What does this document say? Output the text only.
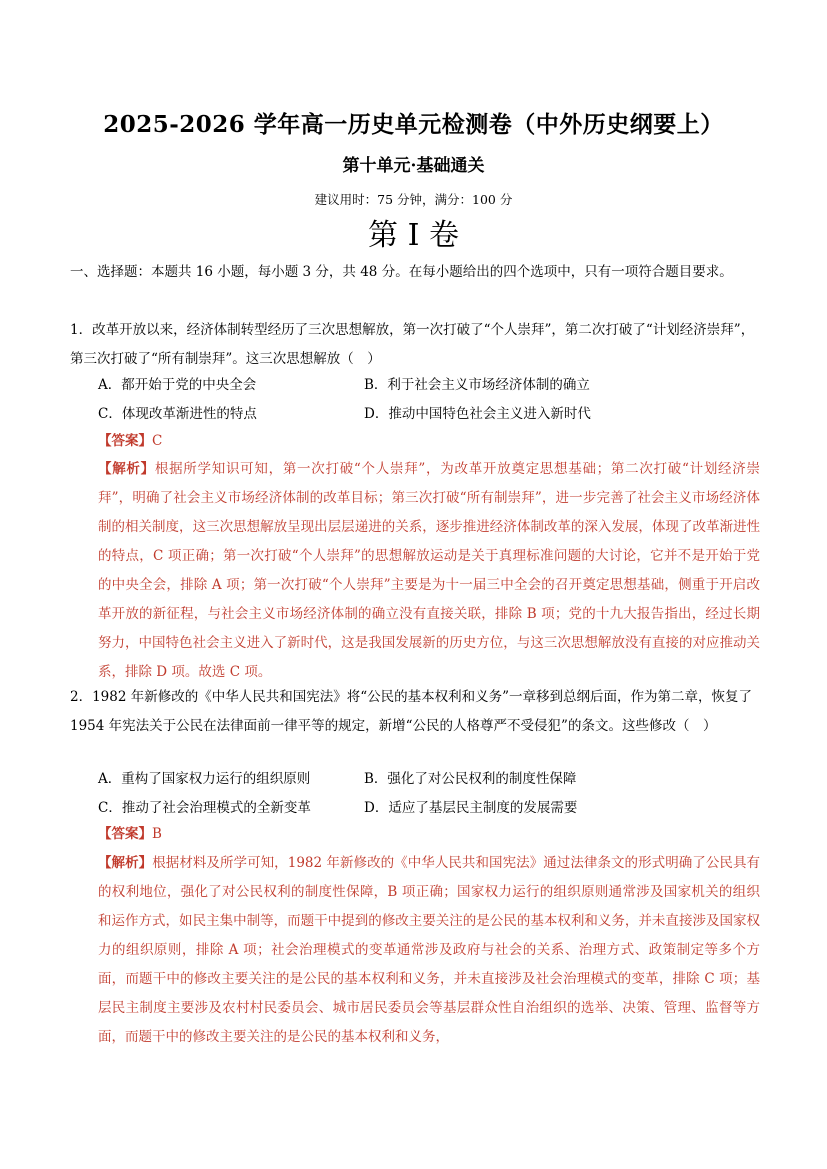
2025-2026 学年高一历史单元检测卷（中外历史纲要上）
第十单元·基础通关
建议用时：75 分钟，满分：100 分
第 I 卷

一、选择题：本题共 16 小题，每小题 3 分，共 48 分。在每小题给出的四个选项中，只有一项符合题目要求。

1．改革开放以来，经济体制转型经历了三次思想解放，第一次打破了“个人崇拜”，第二次打破了“计划经济崇拜”，第三次打破了“所有制崇拜”。这三次思想解放（　）

A．都开始于党的中央全会	B．利于社会主义市场经济体制的确立
C．体现改革渐进性的特点	D．推动中国特色社会主义进入新时代
【答案】C
【解析】根据所学知识可知，第一次打破“个人崇拜”，为改革开放奠定思想基础；第二次打破“计划经济崇拜”，明确了社会主义市场经济体制的改革目标；第三次打破“所有制崇拜”，进一步完善了社会主义市场经济体制的相关制度，这三次思想解放呈现出层层递进的关系，逐步推进经济体制改革的深入发展，体现了改革渐进性的特点，C 项正确；第一次打破“个人崇拜”的思想解放运动是关于真理标准问题的大讨论，它并不是开始于党的中央全会，排除 A 项；第一次打破“个人崇拜”主要是为十一届三中全会的召开奠定思想基础，侧重于开启改革开放的新征程，与社会主义市场经济体制的确立没有直接关联，排除 B 项；党的十九大报告指出，经过长期努力，中国特色社会主义进入了新时代，这是我国发展新的历史方位，与这三次思想解放没有直接的对应推动关系，排除 D 项。故选 C 项。

2．1982 年新修改的《中华人民共和国宪法》将“公民的基本权利和义务”一章移到总纲后面，作为第二章，恢复了 1954 年宪法关于公民在法律面前一律平等的规定，新增“公民的人格尊严不受侵犯”的条文。这些修改（　）

A．重构了国家权力运行的组织原则	B．强化了对公民权利的制度性保障
C．推动了社会治理模式的全新变革	D．适应了基层民主制度的发展需要
【答案】B
【解析】根据材料及所学可知，1982 年新修改的《中华人民共和国宪法》通过法律条文的形式明确了公民具有的权利地位，强化了对公民权利的制度性保障，B 项正确；国家权力运行的组织原则通常涉及国家机关的组织和运作方式，如民主集中制等，而题干中提到的修改主要关注的是公民的基本权利和义务，并未直接涉及国家权力的组织原则，排除 A 项；社会治理模式的变革通常涉及政府与社会的关系、治理方式、政策制定等多个方面，而题干中的修改主要关注的是公民的基本权利和义务，并未直接涉及社会治理模式的变革，排除 C 项；基层民主制度主要涉及农村村民委员会、城市居民委员会等基层群众性自治组织的选举、决策、管理、监督等方面，而题干中的修改主要关注的是公民的基本权利和义务，
